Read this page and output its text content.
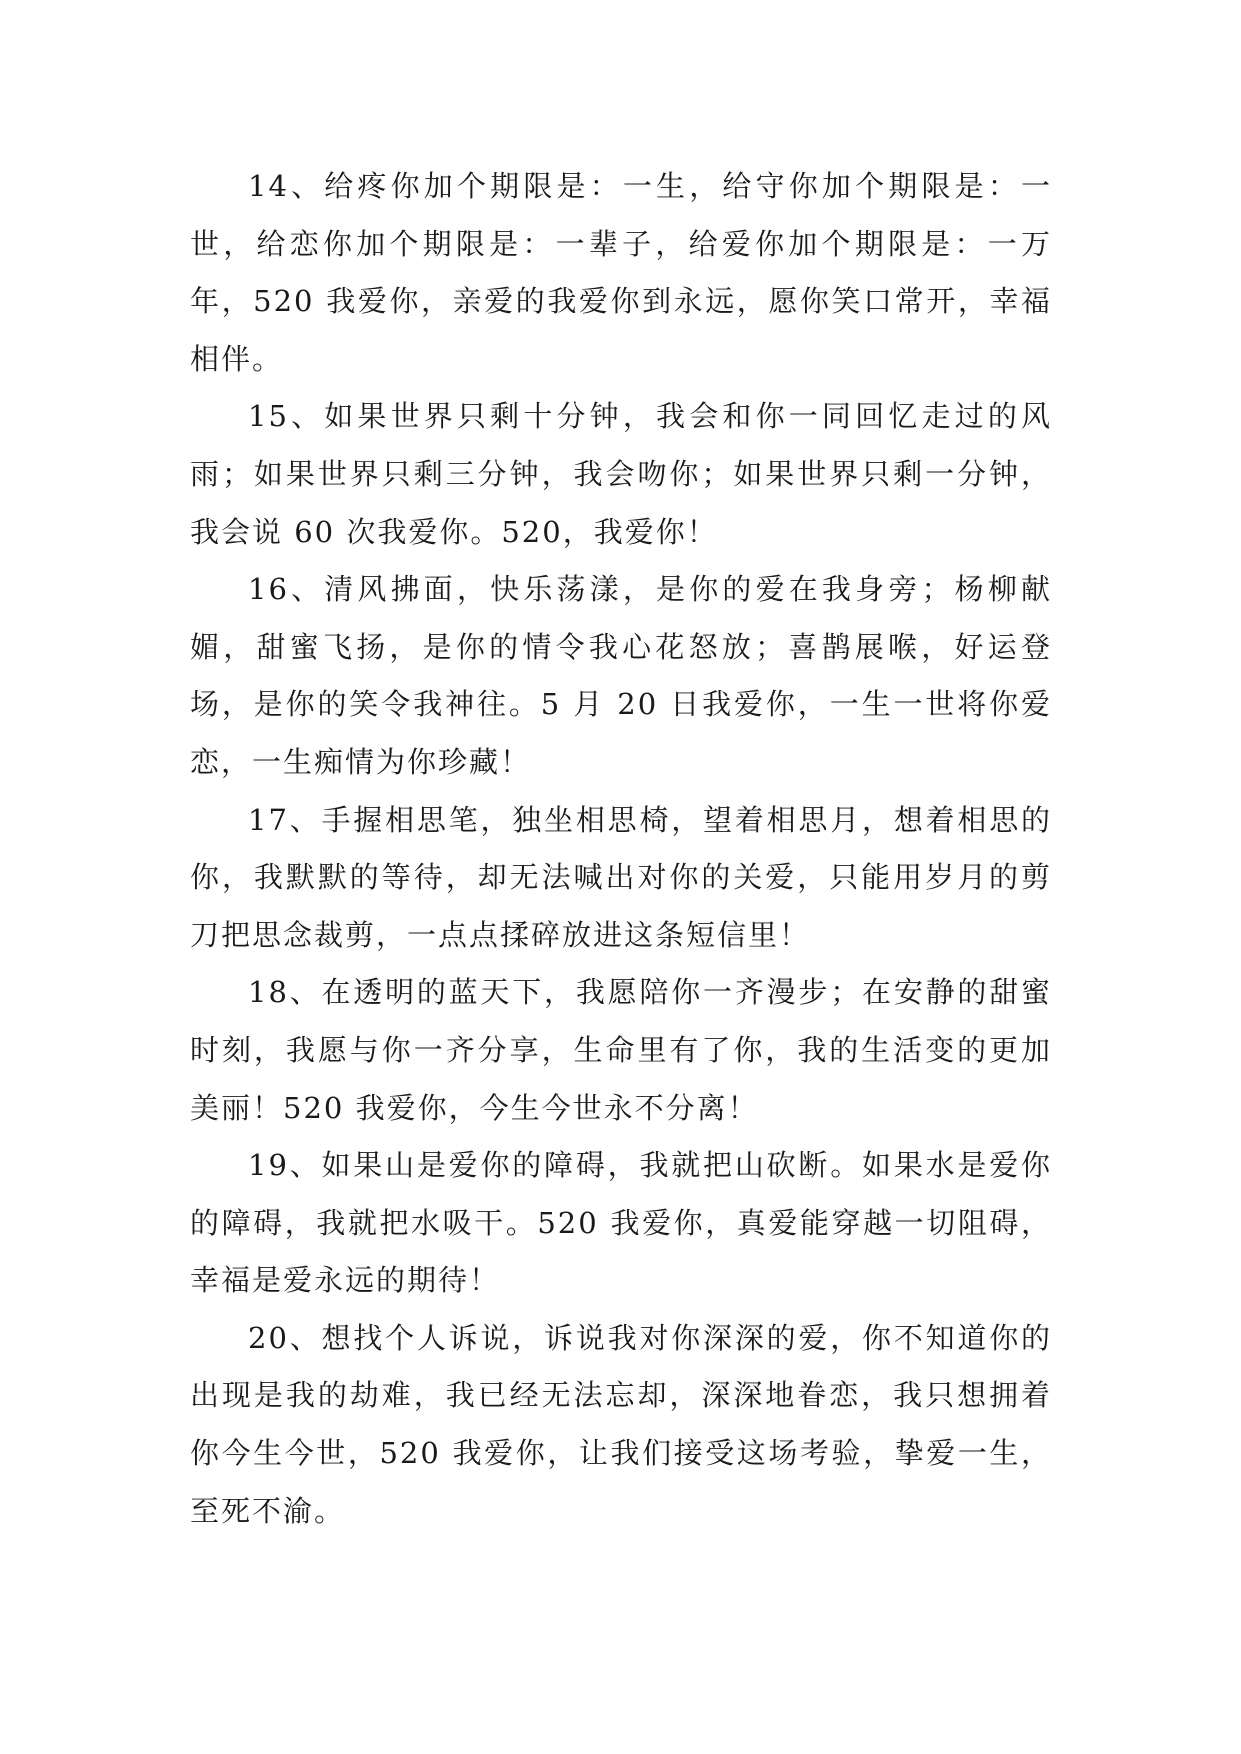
14、给疼你加个期限是：一生，给守你加个期限是：一世，给恋你加个期限是：一辈子，给爱你加个期限是：一万年，520 我爱你，亲爱的我爱你到永远，愿你笑口常开，幸福相伴。

15、如果世界只剩十分钟，我会和你一同回忆走过的风雨；如果世界只剩三分钟，我会吻你；如果世界只剩一分钟，我会说 60 次我爱你。520，我爱你！

16、清风拂面，快乐荡漾，是你的爱在我身旁；杨柳献媚，甜蜜飞扬，是你的情令我心花怒放；喜鹊展喉，好运登场，是你的笑令我神往。5 月 20 日我爱你，一生一世将你爱恋，一生痴情为你珍藏！

17、手握相思笔，独坐相思椅，望着相思月，想着相思的你，我默默的等待，却无法喊出对你的关爱，只能用岁月的剪刀把思念裁剪，一点点揉碎放进这条短信里！

18、在透明的蓝天下，我愿陪你一齐漫步；在安静的甜蜜时刻，我愿与你一齐分享，生命里有了你，我的生活变的更加美丽！520 我爱你，今生今世永不分离！

19、如果山是爱你的障碍，我就把山砍断。如果水是爱你的障碍，我就把水吸干。520 我爱你，真爱能穿越一切阻碍，幸福是爱永远的期待！

20、想找个人诉说，诉说我对你深深的爱，你不知道你的出现是我的劫难，我已经无法忘却，深深地眷恋，我只想拥着你今生今世，520 我爱你，让我们接受这场考验，挚爱一生，至死不渝。
